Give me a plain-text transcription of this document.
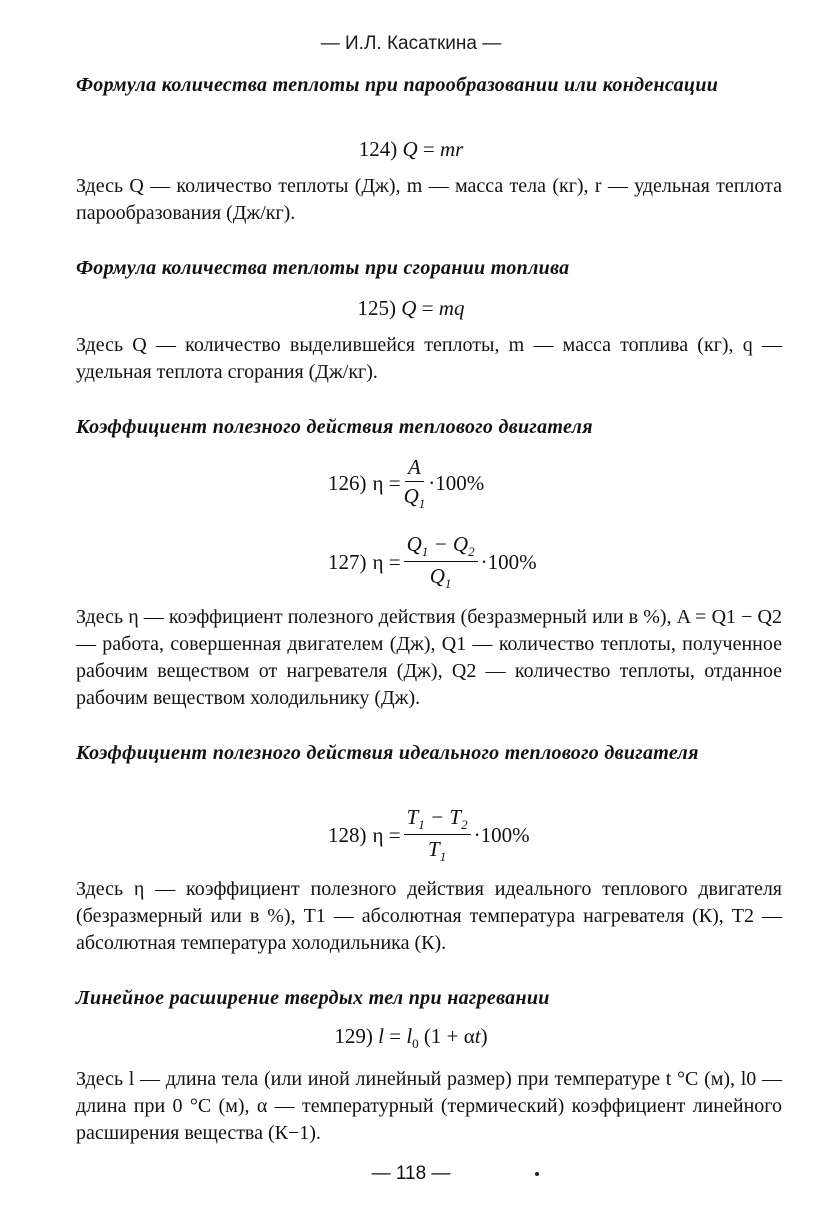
— И.Л. Касаткина —
Формула количества теплоты при парообразовании или конденсации
124) Q = mr
Здесь Q — количество теплоты (Дж), m — масса тела (кг), r — удельная теплота парообразования (Дж/кг).
Формула количества теплоты при сгорании топлива
125) Q = mq
Здесь Q — количество выделившейся теплоты, m — масса топлива (кг), q — удельная теплота сгорания (Дж/кг).
Коэффициент полезного действия теплового двигателя
126) $\eta = \frac{A}{Q_1} \cdot 100\%$
127) $\eta = \frac{Q_1 - Q_2}{Q_1} \cdot 100\%$
Здесь η — коэффициент полезного действия (безразмерный или в %), A = Q1 − Q2 — работа, совершенная двигателем (Дж), Q1 — количество теплоты, полученное рабочим веществом от нагревателя (Дж), Q2 — количество теплоты, отданное рабочим веществом холодильнику (Дж).
Коэффициент полезного действия идеального теплового двигателя
128) $\eta = \frac{T_1 - T_2}{T_1} \cdot 100\%$
Здесь η — коэффициент полезного действия идеального теплового двигателя (безразмерный или в %), T1 — абсолютная температура нагревателя (К), T2 — абсолютная температура холодильника (К).
Линейное расширение твердых тел при нагревании
129) $l = l_0$ (1 + αt)
Здесь l — длина тела (или иной линейный размер) при температуре t °C (м), l0 — длина при 0 °C (м), α — температурный (термический) коэффициент линейного расширения вещества (К−1).
— 118 —
